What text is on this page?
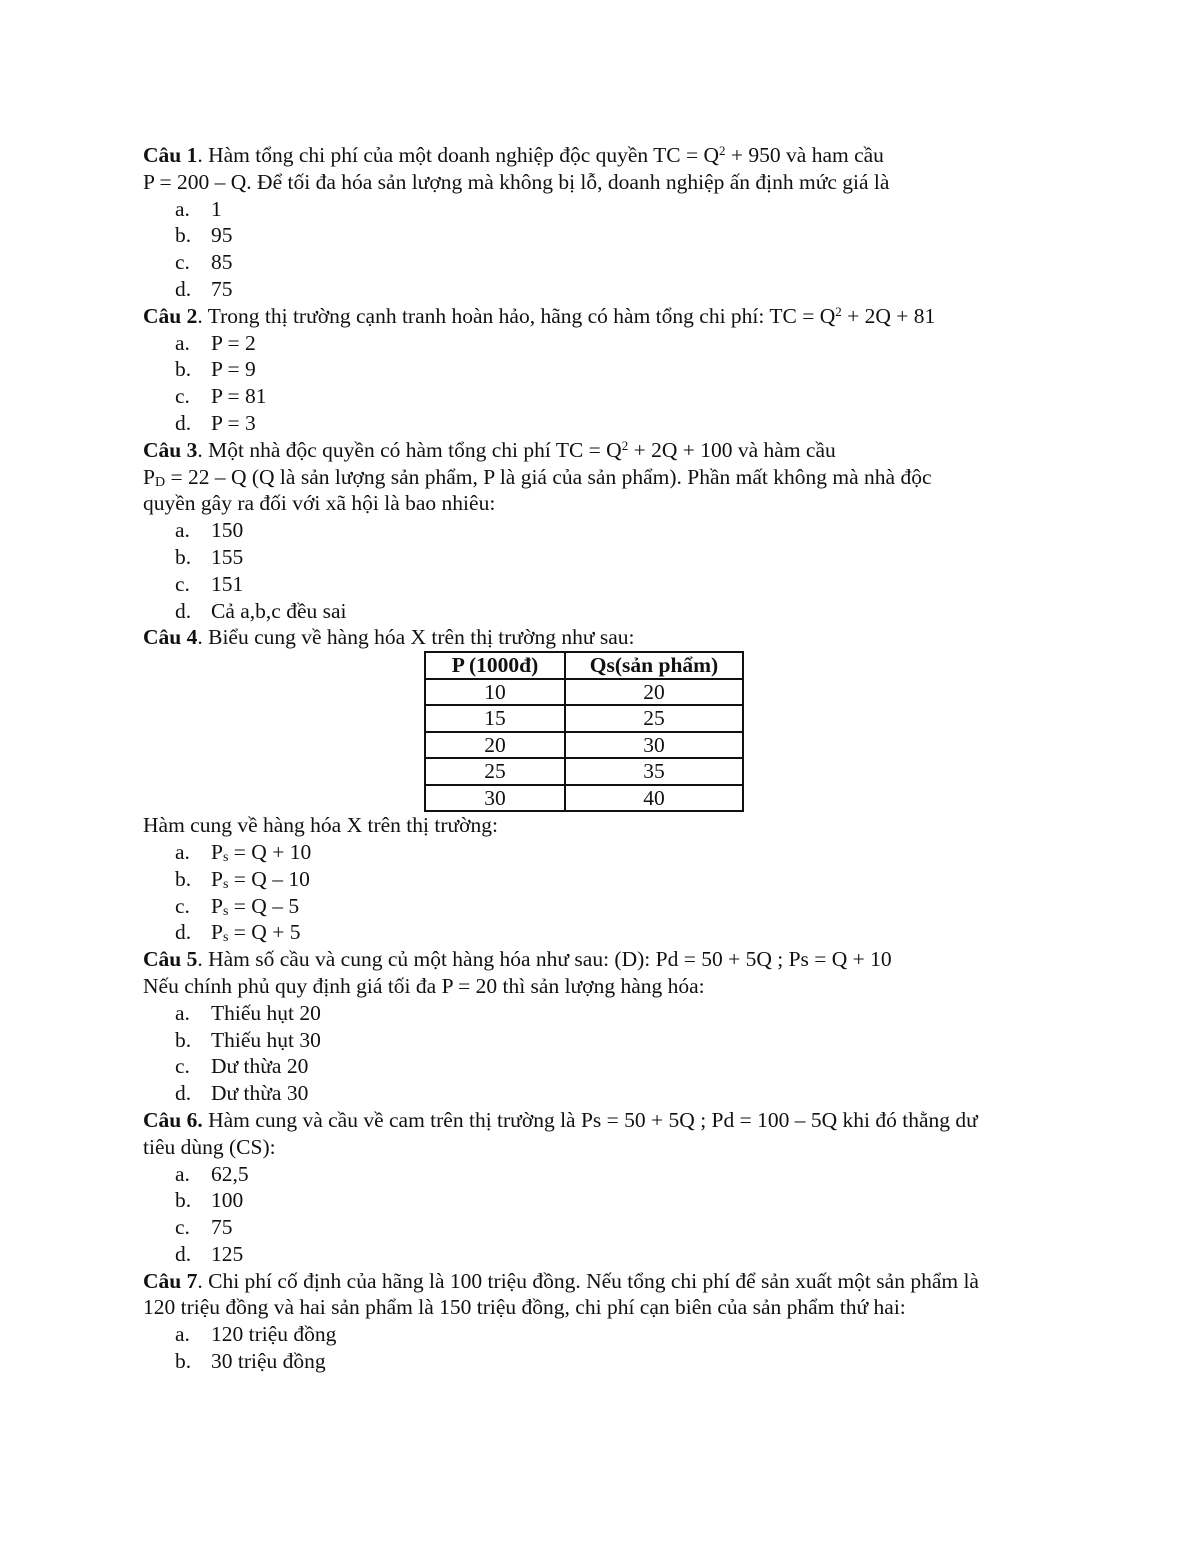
Câu 1. Hàm tổng chi phí của một doanh nghiệp độc quyền TC = $Q^2 + 950$ và ham cầu

P = 200 – Q. Để tối đa hóa sản lượng mà không bị lỗ, doanh nghiệp ấn định mức giá là

a. 1
b. 95
c. 85
d. 75

Câu 2. Trong thị trường cạnh tranh hoàn hảo, hãng có hàm tổng chi phí: TC = $Q^2 + 2Q + 81$

a. P = 2
b. P = 9
c. P = 81
d. P = 3

Câu 3. Một nhà độc quyền có hàm tổng chi phí TC = $Q^2 + 2Q + 100$ và hàm cầu

$P_D = 22 - Q$ (Q là sản lượng sản phẩm, P là giá của sản phẩm). Phần mất không mà nhà độc

quyền gây ra đối với xã hội là bao nhiêu:

a. 150
b. 155
c. 151
d. Cả a,b,c đều sai

Câu 4. Biểu cung về hàng hóa X trên thị trường như sau:

P (1000đ)	Qs(sản phẩm)
10	20
15	25
20	30
25	35
30	40

Hàm cung về hàng hóa X trên thị trường:

a. $P_s = Q + 10$
b. $P_s = Q - 10$
c. $P_s = Q - 5$
d. $P_s = Q + 5$

Câu 5. Hàm số cầu và cung củ một hàng hóa như sau: (D): Pd = 50 + 5Q ; Ps = Q + 10

Nếu chính phủ quy định giá tối đa P = 20 thì sản lượng hàng hóa:

a. Thiếu hụt 20
b. Thiếu hụt 30
c. Dư thừa 20
d. Dư thừa 30

Câu 6. Hàm cung và cầu về cam trên thị trường là Ps = 50 + 5Q ; Pd = 100 – 5Q khi đó thằng dư

tiêu dùng (CS):

a. 62,5
b. 100
c. 75
d. 125

Câu 7. Chi phí cố định của hãng là 100 triệu đồng. Nếu tổng chi phí để sản xuất một sản phẩm là

120 triệu đồng và hai sản phẩm là 150 triệu đồng, chi phí cạn biên của sản phẩm thứ hai:

a. 120 triệu đồng
b. 30 triệu đồng
